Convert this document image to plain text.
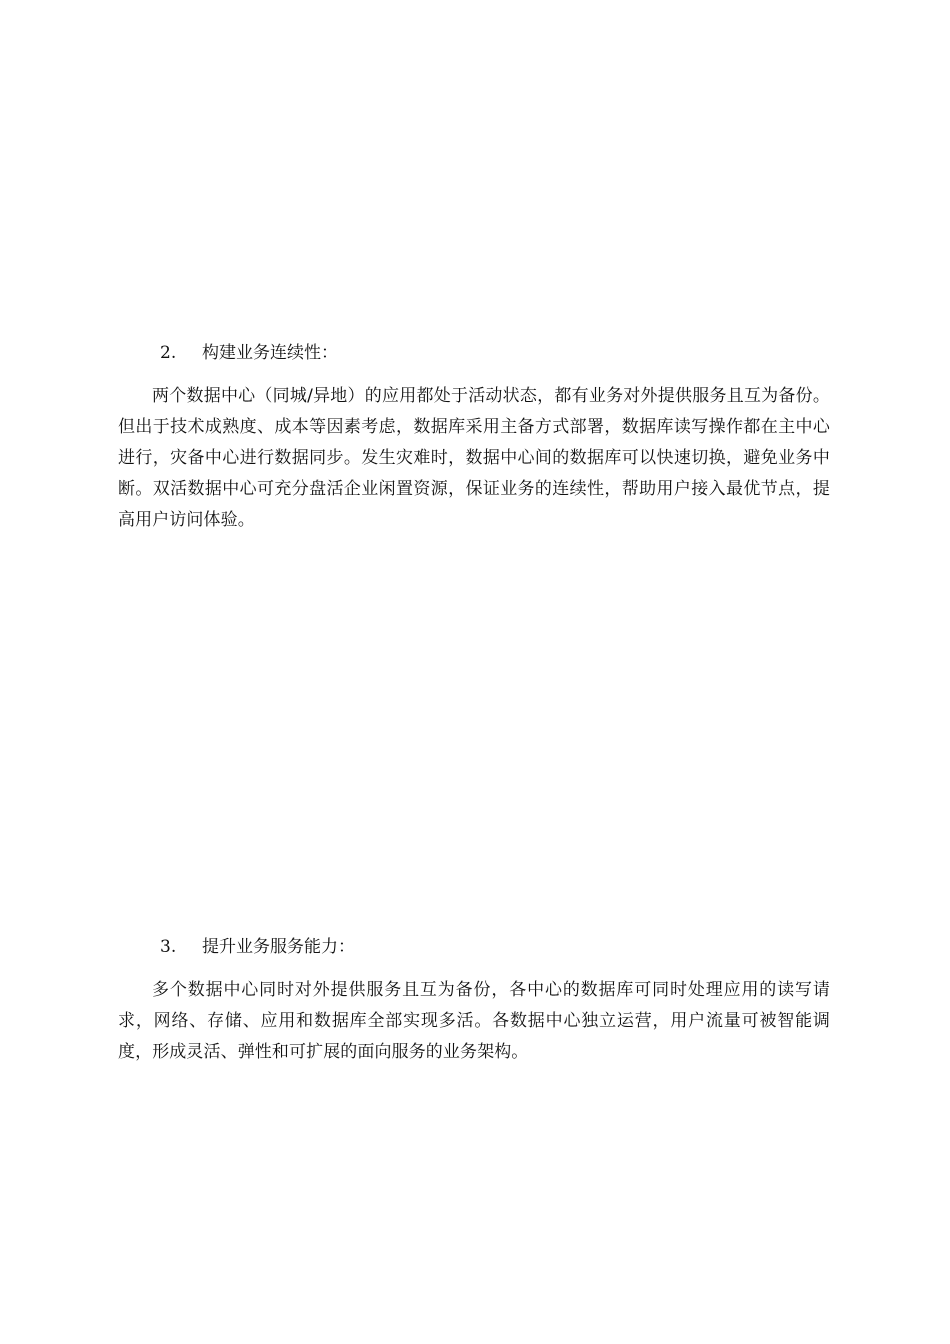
2. 构建业务连续性：

两个数据中心（同城/异地）的应用都处于活动状态，都有业务对外提供服务且互为备份。但出于技术成熟度、成本等因素考虑，数据库采用主备方式部署，数据库读写操作都在主中心进行，灾备中心进行数据同步。发生灾难时，数据中心间的数据库可以快速切换，避免业务中断。双活数据中心可充分盘活企业闲置资源，保证业务的连续性，帮助用户接入最优节点，提高用户访问体验。

3. 提升业务服务能力：

多个数据中心同时对外提供服务且互为备份，各中心的数据库可同时处理应用的读写请求，网络、存储、应用和数据库全部实现多活。各数据中心独立运营，用户流量可被智能调度，形成灵活、弹性和可扩展的面向服务的业务架构。
